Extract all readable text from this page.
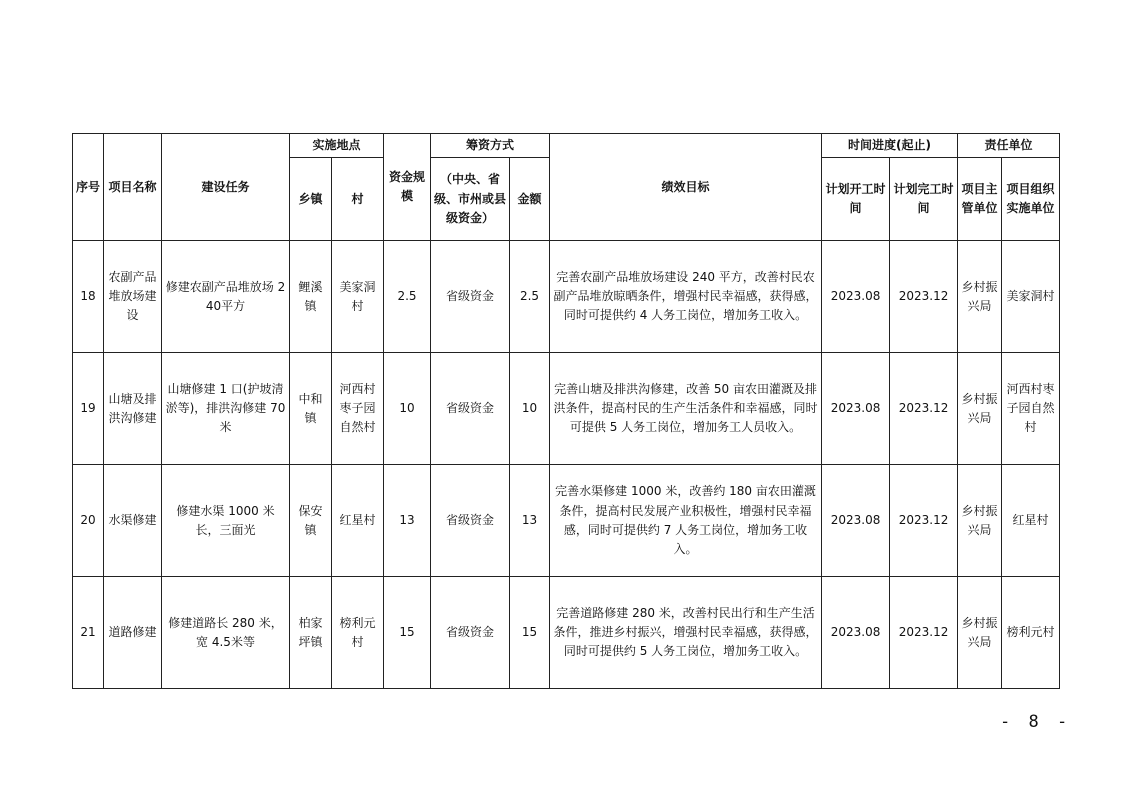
序号	项目名称	建设任务	实施地点		资金规模	筹资方式		绩效目标	时间进度(起止)		责任单位	
			乡镇	村		（中央、省级、市州或县级资金）	金额		计划开工时间	计划完工时间	项目主管单位	项目组织实施单位
18	农副产品堆放场建设	修建农副产品堆放场 240平方	鲤溪镇	美家洞村	2.5	省级资金	2.5	完善农副产品堆放场建设 240 平方，改善村民农副产品堆放晾晒条件，增强村民幸福感，获得感，同时可提供约 4 人务工岗位，增加务工收入。	2023.08	2023.12	乡村振兴局	美家洞村
19	山塘及排洪沟修建	山塘修建 1 口(护坡清淤等)，排洪沟修建 70 米	中和镇	河西村枣子园自然村	10	省级资金	10	完善山塘及排洪沟修建，改善 50 亩农田灌溉及排洪条件，提高村民的生产生活条件和幸福感，同时可提供 5 人务工岗位，增加务工人员收入。	2023.08	2023.12	乡村振兴局	河西村枣子园自然村
20	水渠修建	修建水渠 1000 米长，三面光	保安镇	红星村	13	省级资金	13	完善水渠修建 1000 米，改善约 180 亩农田灌溉条件，提高村民发展产业积极性，增强村民幸福感，同时可提供约 7 人务工岗位，增加务工收入。	2023.08	2023.12	乡村振兴局	红星村
21	道路修建	修建道路长 280 米，宽 4.5米等	柏家坪镇	榜利元村	15	省级资金	15	完善道路修建 280 米，改善村民出行和生产生活条件，推进乡村振兴，增强村民幸福感，获得感，同时可提供约 5 人务工岗位，增加务工收入。	2023.08	2023.12	乡村振兴局	榜利元村
- 8 -
